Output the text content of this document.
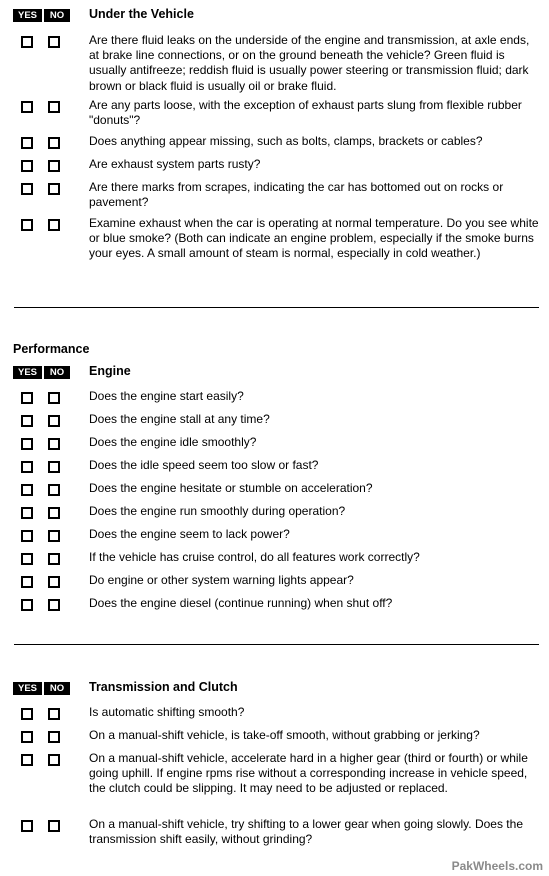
YES	NO	Under the Vehicle
Are there fluid leaks on the underside of the engine and transmission, at axle ends, at brake line connections, or on the ground beneath the vehicle? Green fluid is usually antifreeze; reddish fluid is usually power steering or transmission fluid; dark brown or black fluid is usually oil or brake fluid.
Are any parts loose, with the exception of exhaust parts slung from flexible rubber "donuts"?
Does anything appear missing, such as bolts, clamps, brackets or cables?
Are exhaust system parts rusty?
Are there marks from scrapes, indicating the car has bottomed out on rocks or pavement?
Examine exhaust when the car is operating at normal temperature. Do you see white or blue smoke? (Both can indicate an engine problem, especially if the smoke burns your eyes. A small amount of steam is normal, especially in cold weather.)
Performance
YES	NO	Engine
Does the engine start easily?
Does the engine stall at any time?
Does the engine idle smoothly?
Does the idle speed seem too slow or fast?
Does the engine hesitate or stumble on acceleration?
Does the engine run smoothly during operation?
Does the engine seem to lack power?
If the vehicle has cruise control, do all features work correctly?
Do engine or other system warning lights appear?
Does the engine diesel (continue running) when shut off?
YES	NO	Transmission and Clutch
Is automatic shifting smooth?
On a manual-shift vehicle, is take-off smooth, without grabbing or jerking?
On a manual-shift vehicle, accelerate hard in a higher gear (third or fourth) or while going uphill. If engine rpms rise without a corresponding increase in vehicle speed, the clutch could be slipping. It may need to be adjusted or replaced.
On a manual-shift vehicle, try shifting to a lower gear when going slowly. Does the transmission shift easily, without grinding?
PakWheels.com
